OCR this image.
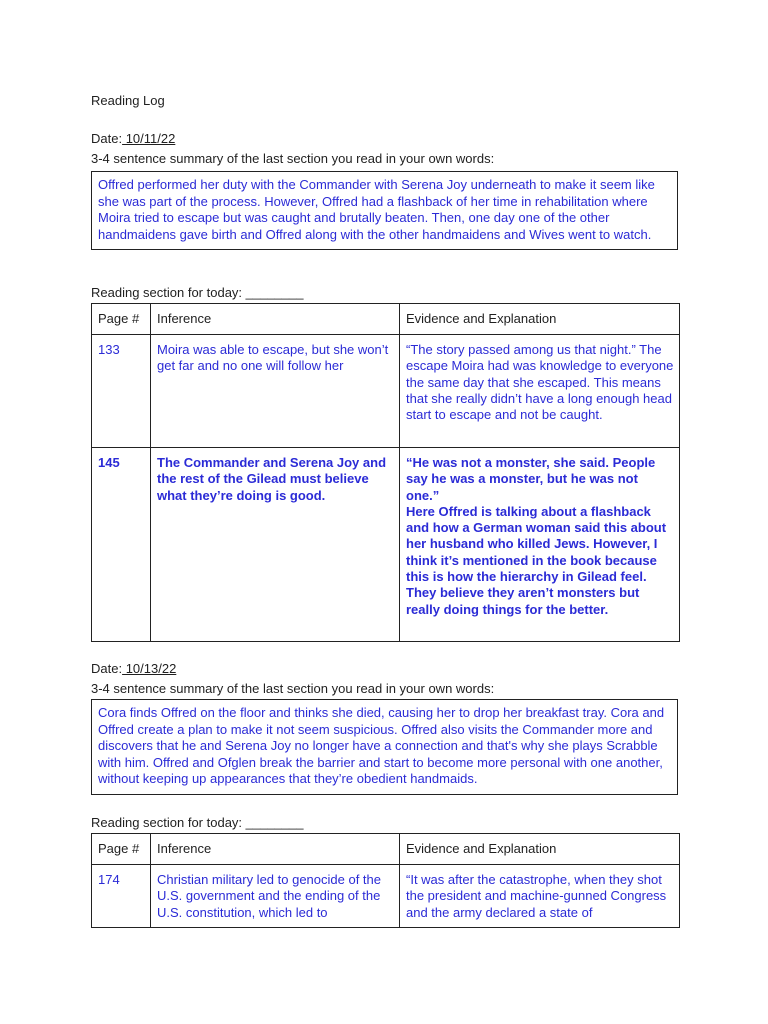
Reading Log
Date: 10/11/22
3-4 sentence summary of the last section you read in your own words:
Offred performed her duty with the Commander with Serena Joy underneath to make it seem like she was part of the process. However, Offred had a flashback of her time in rehabilitation where Moira tried to escape but was caught and brutally beaten. Then, one day one of the other handmaidens gave birth and Offred along with the other handmaidens and Wives went to watch.
Reading section for today: ________
Page #	Inference	Evidence and Explanation
133	Moira was able to escape, but she won’t get far and no one will follow her	“The story passed among us that night.” The escape Moira had was knowledge to everyone the same day that she escaped. This means that she really didn’t have a long enough head start to escape and not be caught.
145	The Commander and Serena Joy and the rest of the Gilead must believe what they’re doing is good.	“He was not a monster, she said. People say he was a monster, but he was not one.”
Here Offred is talking about a flashback and how a German woman said this about her husband who killed Jews. However, I think it’s mentioned in the book because this is how the hierarchy in Gilead feel. They believe they aren’t monsters but really doing things for the better.
Date: 10/13/22
3-4 sentence summary of the last section you read in your own words:
Cora finds Offred on the floor and thinks she died, causing her to drop her breakfast tray. Cora and Offred create a plan to make it not seem suspicious. Offred also visits the Commander more and discovers that he and Serena Joy no longer have a connection and that's why she plays Scrabble with him. Offred and Ofglen break the barrier and start to become more personal with one another, without keeping up appearances that they’re obedient handmaids.
Reading section for today: ________
Page #	Inference	Evidence and Explanation
174	Christian military led to genocide of the U.S. government and the ending of the U.S. constitution, which led to	“It was after the catastrophe, when they shot the president and machine-gunned Congress and the army declared a state of
